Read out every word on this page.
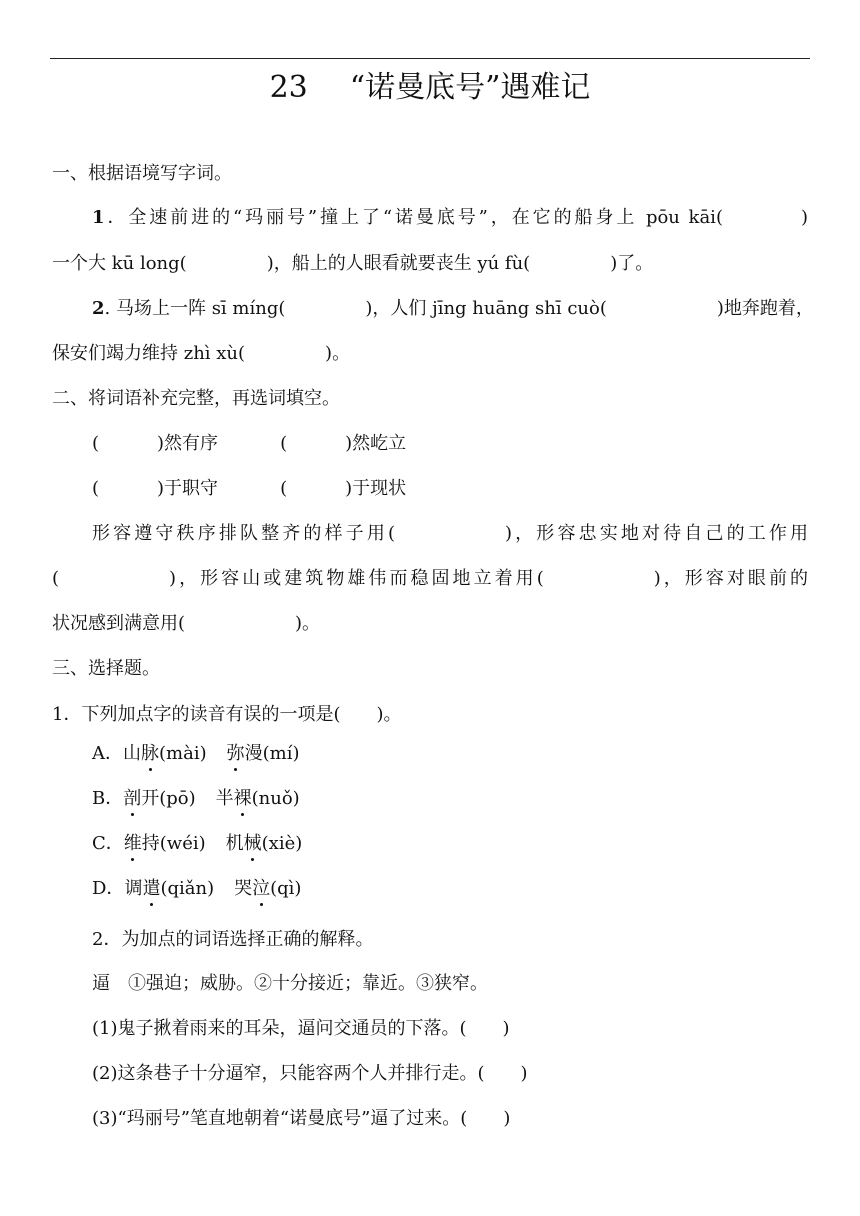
23 “诺曼底号”遇难记
一、根据语境写字词。
1．全速前进的“玛丽号”撞上了“诺曼底号”，在它的船身上 pōu kāi(	)
一个大 kū long(	)，船上的人眼看就要丧生 yú fù(	)了。
2. 马场上一阵 sī míng(	)，人们 jīng huāng shī cuò(	)地奔跑着，
保安们竭力维持 zhì xù(	)。
二、将词语补充完整，再选词填空。
(	)然有序	(	)然屹立
(	)于职守	(	)于现状
形容遵守秩序排队整齐的样子用(	)，形容忠实地对待自己的工作用
(	)，形容山或建筑物雄伟而稳固地立着用(	)，形容对眼前的
状况感到满意用(	)。
三、选择题。
1．下列加点字的读音有误的一项是(　　)。
A．山脉(mài) 弥漫(mí)
B．剖开(pō) 半裸(nuǒ)
C．维持(wéi) 机械(xiè)
D．调遣(qiǎn) 哭泣(qì)
2．为加点的词语选择正确的解释。
逼　①强迫；威胁。②十分接近；靠近。③狭窄。
(1)鬼子揪着雨来的耳朵，逼问交通员的下落。(　　)
(2)这条巷子十分逼窄，只能容两个人并排行走。(　　)
(3)“玛丽号”笔直地朝着“诺曼底号”逼了过来。(　　)
